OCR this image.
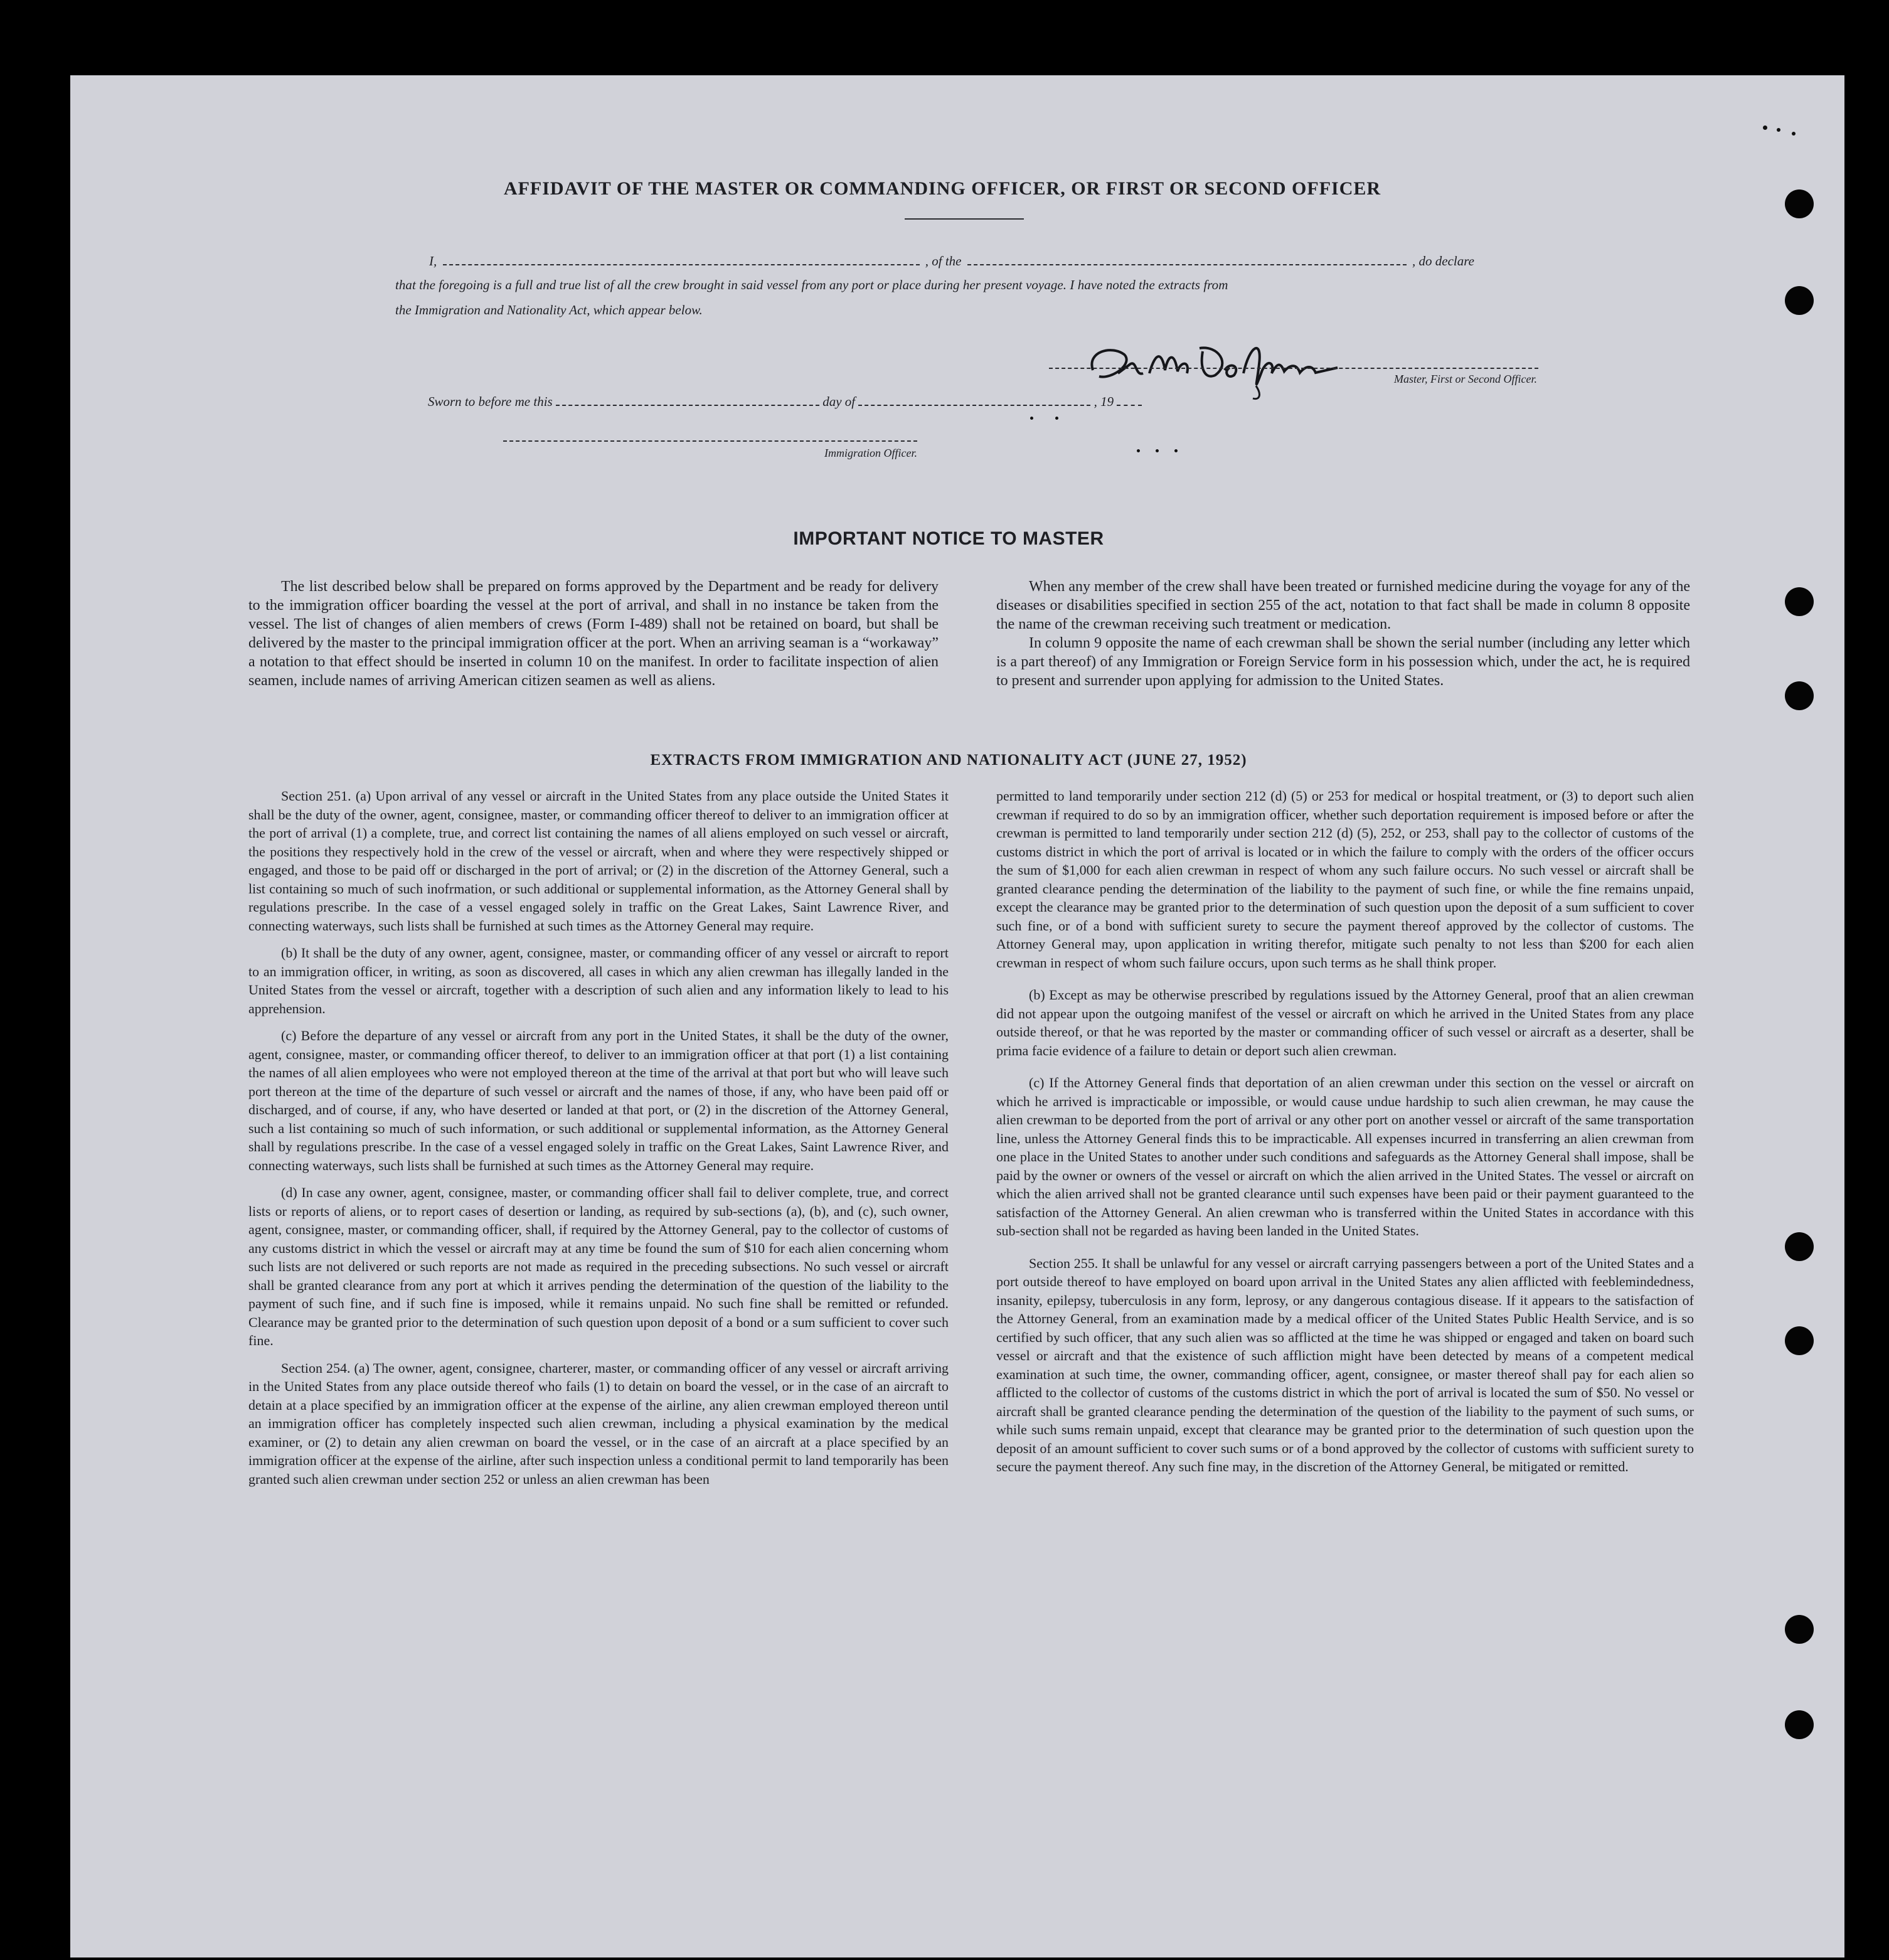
AFFIDAVIT OF THE MASTER OR COMMANDING OFFICER, OR FIRST OR SECOND OFFICER
I,	, of the	, do declare
that the foregoing is a full and true list of all the crew brought in said vessel from any port or place during her present voyage. I have noted the extracts from
the Immigration and Nationality Act, which appear below.
Master, First or Second Officer.
Sworn to before me this	day of	, 19
Immigration Officer.
IMPORTANT NOTICE TO MASTER

The list described below shall be prepared on forms approved by the Department and be ready for delivery to the immigration officer boarding the vessel at the port of arrival, and shall in no instance be taken from the vessel. The list of changes of alien members of crews (Form I-489) shall not be retained on board, but shall be delivered by the master to the principal immigration officer at the port. When an arriving seaman is a “workaway” a notation to that effect should be inserted in column 10 on the manifest. In order to facilitate inspection of alien seamen, include names of arriving American citizen seamen as well as aliens.

When any member of the crew shall have been treated or furnished medicine during the voyage for any of the diseases or disabilities specified in section 255 of the act, notation to that fact shall be made in column 8 opposite the name of the crewman receiving such treatment or medication.

In column 9 opposite the name of each crewman shall be shown the serial number (including any letter which is a part thereof) of any Immigration or Foreign Service form in his possession which, under the act, he is required to present and surrender upon applying for admission to the United States.

EXTRACTS FROM IMMIGRATION AND NATIONALITY ACT (JUNE 27, 1952)

Section 251. (a) Upon arrival of any vessel or aircraft in the United States from any place outside the United States it shall be the duty of the owner, agent, consignee, master, or commanding officer thereof to deliver to an immigration officer at the port of arrival (1) a complete, true, and correct list containing the names of all aliens employed on such vessel or aircraft, the positions they respectively hold in the crew of the vessel or aircraft, when and where they were respectively shipped or engaged, and those to be paid off or discharged in the port of arrival; or (2) in the discretion of the Attorney General, such a list containing so much of such inofrmation, or such additional or supplemental information, as the Attorney General shall by regulations prescribe. In the case of a vessel engaged solely in traffic on the Great Lakes, Saint Lawrence River, and connecting waterways, such lists shall be furnished at such times as the Attorney General may require.

(b) It shall be the duty of any owner, agent, consignee, master, or commanding officer of any vessel or aircraft to report to an immigration officer, in writing, as soon as discovered, all cases in which any alien crewman has illegally landed in the United States from the vessel or aircraft, together with a description of such alien and any information likely to lead to his apprehension.

(c) Before the departure of any vessel or aircraft from any port in the United States, it shall be the duty of the owner, agent, consignee, master, or commanding officer thereof, to deliver to an immigration officer at that port (1) a list containing the names of all alien employees who were not employed thereon at the time of the arrival at that port but who will leave such port thereon at the time of the departure of such vessel or aircraft and the names of those, if any, who have been paid off or discharged, and of course, if any, who have deserted or landed at that port, or (2) in the discretion of the Attorney General, such a list containing so much of such information, or such additional or supplemental information, as the Attorney General shall by regulations prescribe. In the case of a vessel engaged solely in traffic on the Great Lakes, Saint Lawrence River, and connecting waterways, such lists shall be furnished at such times as the Attorney General may require.

(d) In case any owner, agent, consignee, master, or commanding officer shall fail to deliver complete, true, and correct lists or reports of aliens, or to report cases of desertion or landing, as required by sub-sections (a), (b), and (c), such owner, agent, consignee, master, or commanding officer, shall, if required by the Attorney General, pay to the collector of customs of any customs district in which the vessel or aircraft may at any time be found the sum of $10 for each alien concerning whom such lists are not delivered or such reports are not made as required in the preceding subsections. No such vessel or aircraft shall be granted clearance from any port at which it arrives pending the determination of the question of the liability to the payment of such fine, and if such fine is imposed, while it remains unpaid. No such fine shall be remitted or refunded. Clearance may be granted prior to the determination of such question upon deposit of a bond or a sum sufficient to cover such fine.

Section 254. (a) The owner, agent, consignee, charterer, master, or commanding officer of any vessel or aircraft arriving in the United States from any place outside thereof who fails (1) to detain on board the vessel, or in the case of an aircraft to detain at a place specified by an immigration officer at the expense of the airline, any alien crewman employed thereon until an immigration officer has completely inspected such alien crewman, including a physical examination by the medical examiner, or (2) to detain any alien crewman on board the vessel, or in the case of an aircraft at a place specified by an immigration officer at the expense of the airline, after such inspection unless a conditional permit to land temporarily has been granted such alien crewman under section 252 or unless an alien crewman has been

permitted to land temporarily under section 212 (d) (5) or 253 for medical or hospital treatment, or (3) to deport such alien crewman if required to do so by an immigration officer, whether such deportation requirement is imposed before or after the crewman is permitted to land temporarily under section 212 (d) (5), 252, or 253, shall pay to the collector of customs of the customs district in which the port of arrival is located or in which the failure to comply with the orders of the officer occurs the sum of $1,000 for each alien crewman in respect of whom any such failure occurs. No such vessel or aircraft shall be granted clearance pending the determination of the liability to the payment of such fine, or while the fine remains unpaid, except the clearance may be granted prior to the determination of such question upon the deposit of a sum sufficient to cover such fine, or of a bond with sufficient surety to secure the payment thereof approved by the collector of customs. The Attorney General may, upon application in writing therefor, mitigate such penalty to not less than $200 for each alien crewman in respect of whom such failure occurs, upon such terms as he shall think proper.

(b) Except as may be otherwise prescribed by regulations issued by the Attorney General, proof that an alien crewman did not appear upon the outgoing manifest of the vessel or aircraft on which he arrived in the United States from any place outside thereof, or that he was reported by the master or commanding officer of such vessel or aircraft as a deserter, shall be prima facie evidence of a failure to detain or deport such alien crewman.

(c) If the Attorney General finds that deportation of an alien crewman under this section on the vessel or aircraft on which he arrived is impracticable or impossible, or would cause undue hardship to such alien crewman, he may cause the alien crewman to be deported from the port of arrival or any other port on another vessel or aircraft of the same transportation line, unless the Attorney General finds this to be impracticable. All expenses incurred in transferring an alien crewman from one place in the United States to another under such conditions and safeguards as the Attorney General shall impose, shall be paid by the owner or owners of the vessel or aircraft on which the alien arrived in the United States. The vessel or aircraft on which the alien arrived shall not be granted clearance until such expenses have been paid or their payment guaranteed to the satisfaction of the Attorney General. An alien crewman who is transferred within the United States in accordance with this sub-section shall not be regarded as having been landed in the United States.

Section 255. It shall be unlawful for any vessel or aircraft carrying passengers between a port of the United States and a port outside thereof to have employed on board upon arrival in the United States any alien afflicted with feeblemindedness, insanity, epilepsy, tuberculosis in any form, leprosy, or any dangerous contagious disease. If it appears to the satisfaction of the Attorney General, from an examination made by a medical officer of the United States Public Health Service, and is so certified by such officer, that any such alien was so afflicted at the time he was shipped or engaged and taken on board such vessel or aircraft and that the existence of such affliction might have been detected by means of a competent medical examination at such time, the owner, commanding officer, agent, consignee, or master thereof shall pay for each alien so afflicted to the collector of customs of the customs district in which the port of arrival is located the sum of $50. No vessel or aircraft shall be granted clearance pending the determination of the question of the liability to the payment of such sums, or while such sums remain unpaid, except that clearance may be granted prior to the determination of such question upon the deposit of an amount sufficient to cover such sums or of a bond approved by the collector of customs with sufficient surety to secure the payment thereof. Any such fine may, in the discretion of the Attorney General, be mitigated or remitted.
